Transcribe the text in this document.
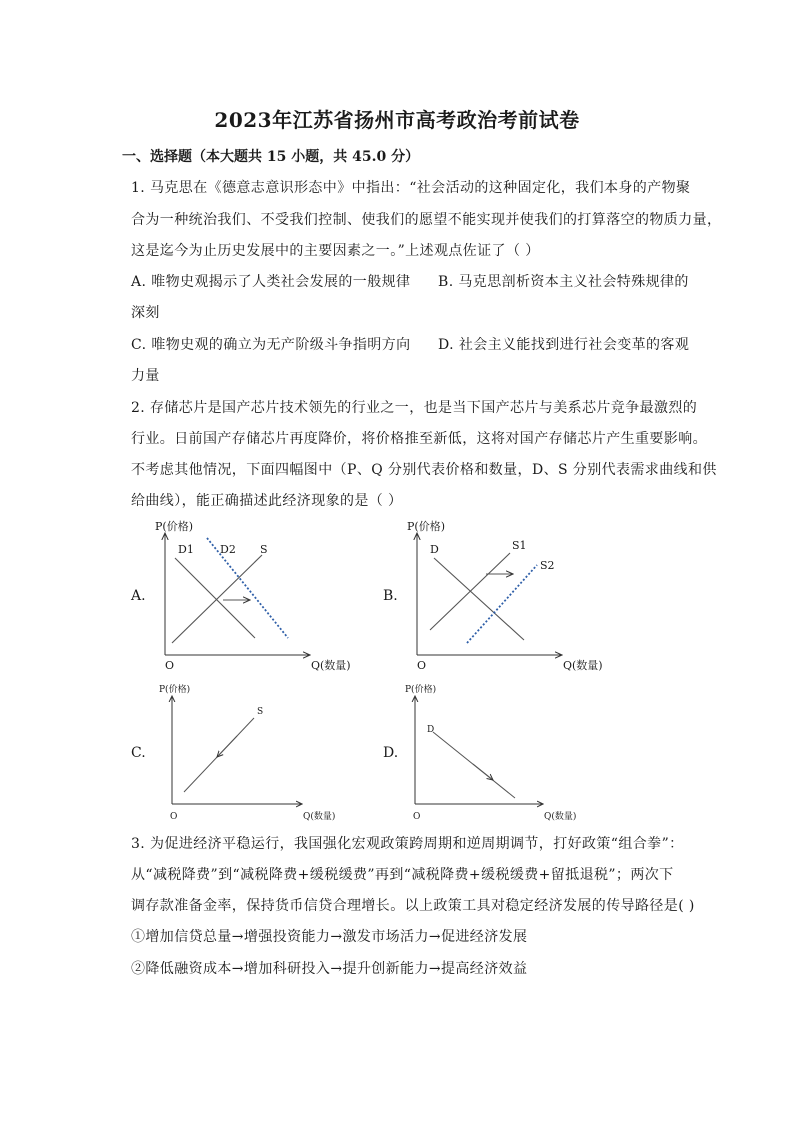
2023年江苏省扬州市高考政治考前试卷
一、选择题（本大题共 15 小题，共 45.0 分）
1. 马克思在《德意志意识形态中》中指出：“社会活动的这种固定化，我们本身的产物聚
合为一种统治我们、不受我们控制、使我们的愿望不能实现并使我们的打算落空的物质力量，
这是迄今为止历史发展中的主要因素之一。”上述观点佐证了（ ）
A. 唯物史观揭示了人类社会发展的一般规律 B. 马克思剖析资本主义社会特殊规律的
深刻
C. 唯物史观的确立为无产阶级斗争指明方向 D. 社会主义能找到进行社会变革的客观
力量
2. 存储芯片是国产芯片技术领先的行业之一，也是当下国产芯片与美系芯片竞争最激烈的
行业。日前国产存储芯片再度降价，将价格推至新低，这将对国产存储芯片产生重要影响。
不考虑其他情况，下面四幅图中（P、Q 分别代表价格和数量，D、S 分别代表需求曲线和供
给曲线），能正确描述此经济现象的是（ ）
A.
P(价格)
Q(数量)
O
D1 D2 S
B.
P(价格)
Q(数量)
O
D	S1
S2
C.
P(价格)
Q(数量)
O
S
D.
P(价格)
Q(数量)
O
D
3. 为促进经济平稳运行，我国强化宏观政策跨周期和逆周期调节，打好政策“组合拳”：
从“减税降费”到“减税降费+缓税缓费”再到“减税降费+缓税缓费+留抵退税”；两次下
调存款准备金率，保持货币信贷合理增长。以上政策工具对稳定经济发展的传导路径是( )
①增加信贷总量→增强投资能力→激发市场活力→促进经济发展
②降低融资成本→增加科研投入→提升创新能力→提高经济效益
